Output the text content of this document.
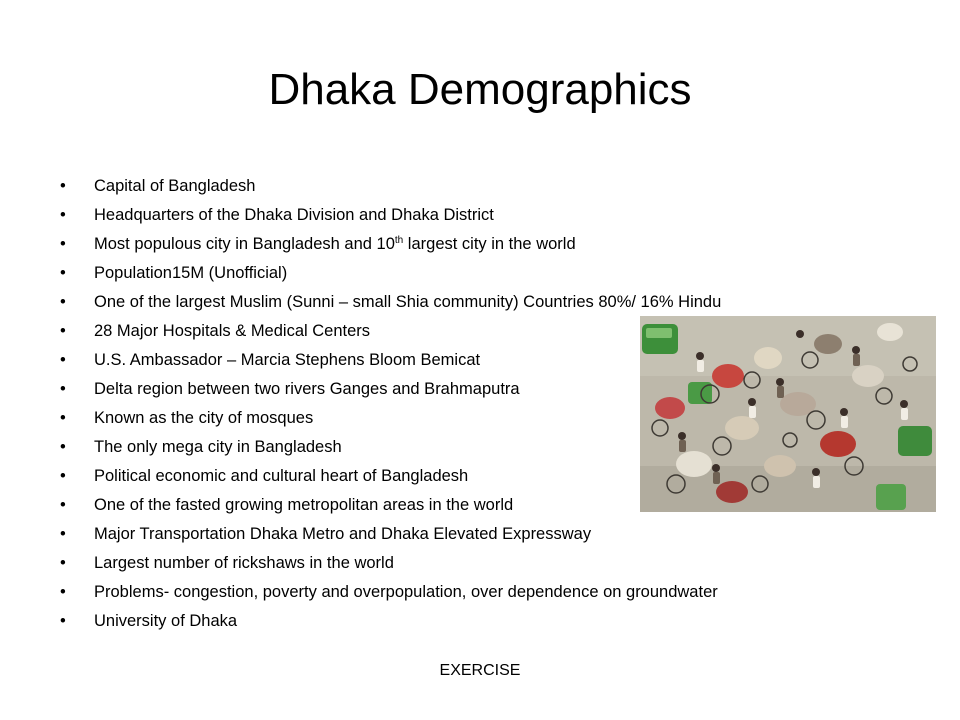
Dhaka Demographics
• Capital of Bangladesh
• Headquarters of the Dhaka Division and Dhaka District
• Most populous city in Bangladesh and 10th largest city in the world
• Population15M (Unofficial)
• One of the largest Muslim (Sunni – small Shia community) Countries 80%/ 16% Hindu
• 28 Major Hospitals & Medical Centers
• U.S. Ambassador – Marcia Stephens Bloom Bemicat
• Delta region between two rivers Ganges and Brahmaputra
• Known as the city of mosques
• The only mega city in Bangladesh
• Political economic and cultural heart of Bangladesh
• One of the fasted growing metropolitan areas in the world
• Major Transportation Dhaka Metro and Dhaka Elevated Expressway
• Largest number of rickshaws in the world
• Problems- congestion, poverty and overpopulation, over dependence on groundwater
• University of Dhaka
EXERCISE
